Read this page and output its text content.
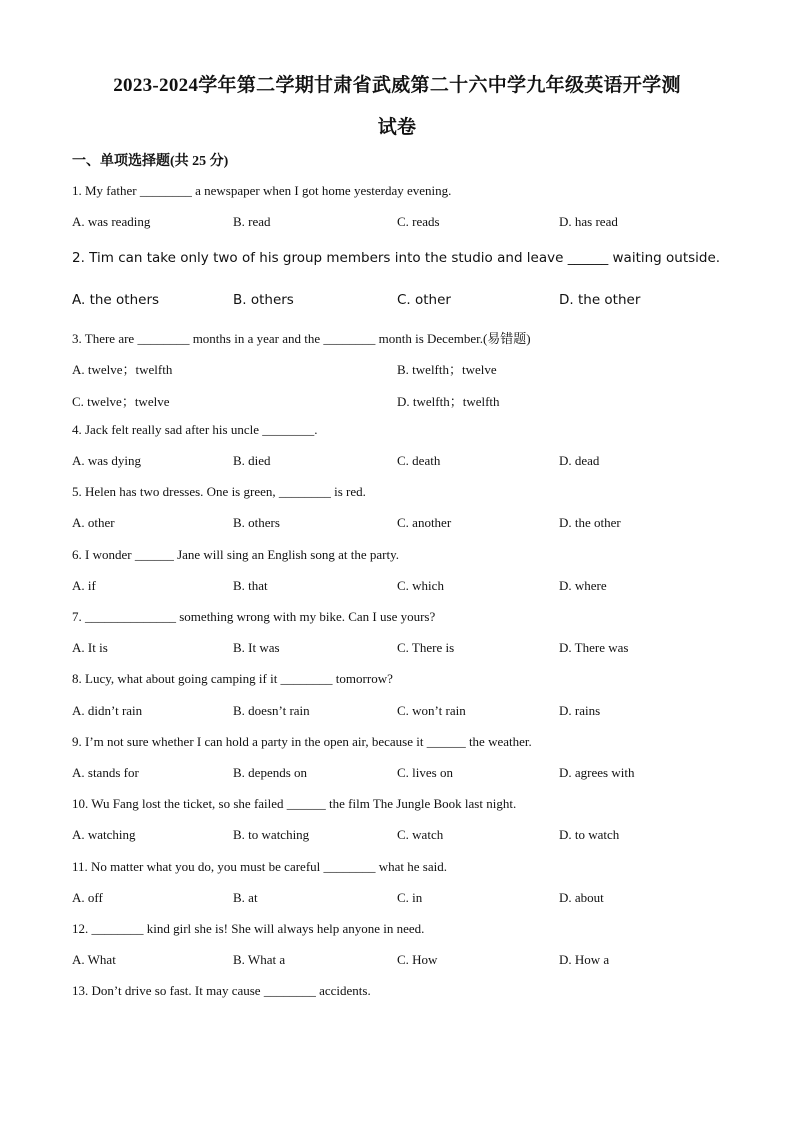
2023-2024学年第二学期甘肃省武威第二十六中学九年级英语开学测
试卷
一、单项选择题(共 25 分)
1. My father ________ a newspaper when I got home yesterday evening.
A. was reading	B. read	C. reads	D. has read
2. Tim can take only two of his group members into the studio and leave ______ waiting outside.
A. the others	B. others	C. other	D. the other
3. There are ________ months in a year and the ________ month is December.(易错题)
A. twelve；twelfth	B. twelfth；twelve
C. twelve；twelve	D. twelfth；twelfth
4. Jack felt really sad after his uncle ________.
A. was dying	B. died	C. death	D. dead
5. Helen has two dresses. One is green, ________ is red.
A. other	B. others	C. another	D. the other
6. I wonder ______ Jane will sing an English song at the party.
A. if	B. that	C. which	D. where
7. ______________ something wrong with my bike. Can I use yours?
A. It is	B. It was	C. There is	D. There was
8. Lucy, what about going camping if it ________ tomorrow?
A. didn’t rain	B. doesn’t rain	C. won’t rain	D. rains
9. I’m not sure whether I can hold a party in the open air, because it ______ the weather.
A. stands for	B. depends on	C. lives on	D. agrees with
10. Wu Fang lost the ticket, so she failed ______ the film The Jungle Book last night.
A. watching	B. to watching	C. watch	D. to watch
11. No matter what you do, you must be careful ________ what he said.
A. off	B. at	C. in	D. about
12. ________ kind girl she is! She will always help anyone in need.
A. What	B. What a	C. How	D. How a
13. Don’t drive so fast. It may cause ________ accidents.
